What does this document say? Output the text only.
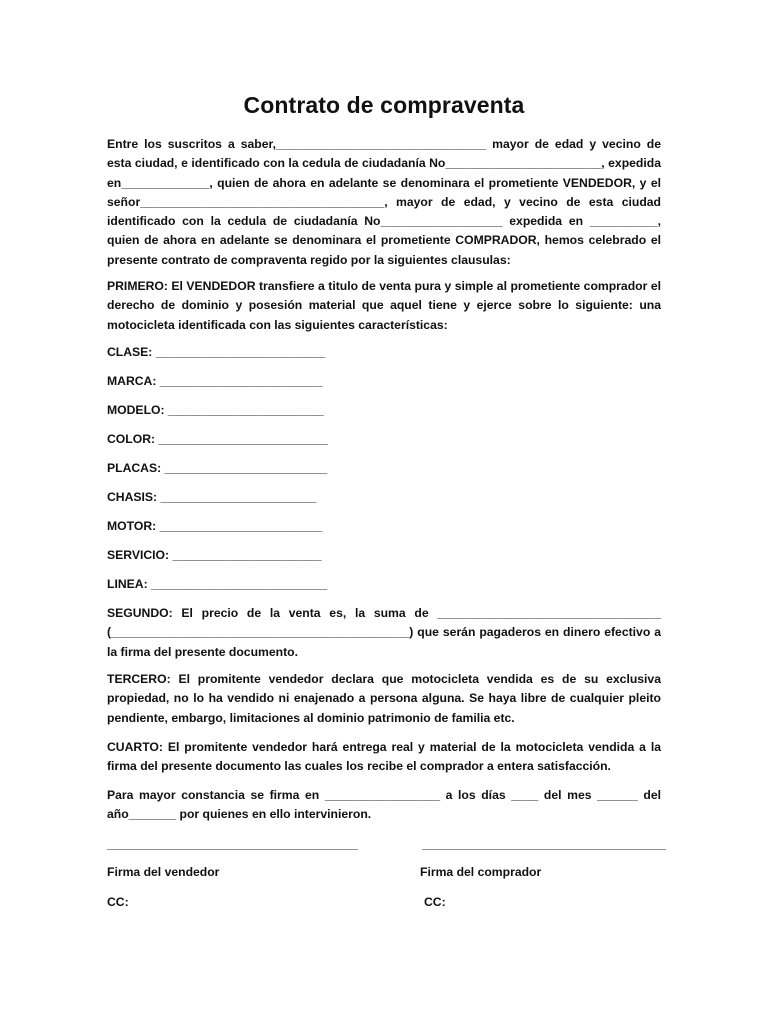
Contrato de compraventa

Entre los suscritos a saber,_______________________________ mayor de edad y vecino de esta ciudad, e identificado con la cedula de ciudadanía No_______________________, expedida en_____________, quien de ahora en adelante se denominara el prometiente VENDEDOR, y el señor____________________________________, mayor de edad, y vecino de esta ciudad identificado con la cedula de ciudadanía No__________________ expedida en __________, quien de ahora en adelante se denominara el prometiente COMPRADOR, hemos celebrado el presente contrato de compraventa regido por la siguientes clausulas:

PRIMERO: El VENDEDOR transfiere a titulo de venta pura y simple al prometiente comprador el derecho de dominio y posesión material que aquel tiene y ejerce sobre lo siguiente: una motocicleta identificada con las siguientes características:

CLASE: _________________________

MARCA: ________________________

MODELO: _______________________

COLOR: _________________________

PLACAS: ________________________

CHASIS: _______________________

MOTOR: ________________________

SERVICIO: ______________________

LINEA: __________________________

SEGUNDO: El precio de la venta es, la suma de _________________________________ (____________________________________________) que serán pagaderos en dinero efectivo a la firma del presente documento.

TERCERO: El promitente vendedor declara que motocicleta vendida es de su exclusiva propiedad, no lo ha vendido ni enajenado a persona alguna. Se haya libre de cualquier pleito pendiente, embargo, limitaciones al dominio patrimonio de familia etc.

CUARTO: El promitente vendedor hará entrega real y material de la motocicleta vendida a la firma del presente documento las cuales los recibe el comprador a entera satisfacción.

Para mayor constancia se firma en _________________ a los días ____ del mes ______ del año_______ por quienes en ello intervinieron.

_____________________________________	____________________________________

Firma del vendedor	Firma del comprador

CC:	CC:
